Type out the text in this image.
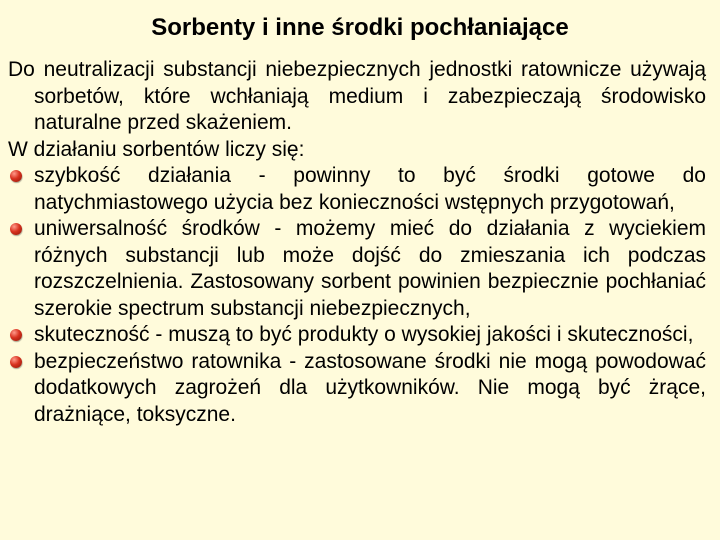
Sorbenty i inne środki pochłaniające

Do neutralizacji substancji niebezpiecznych jednostki ratownicze używają sorbetów, które wchłaniają medium i zabezpieczają środowisko naturalne przed skażeniem.

W działaniu sorbentów liczy się:

szybkość działania - powinny to być środki gotowe do natychmiastowego użycia bez konieczności wstępnych przygotowań,
uniwersalność środków - możemy mieć do działania z wyciekiem różnych substancji lub może dojść do zmieszania ich podczas rozszczelnienia. Zastosowany sorbent powinien bezpiecznie pochłaniać szerokie spectrum substancji niebezpiecznych,
skuteczność - muszą to być produkty o wysokiej jakości i skuteczności,
bezpieczeństwo ratownika - zastosowane środki nie mogą powodować dodatkowych zagrożeń dla użytkowników. Nie mogą być żrące, drażniące, toksyczne.
